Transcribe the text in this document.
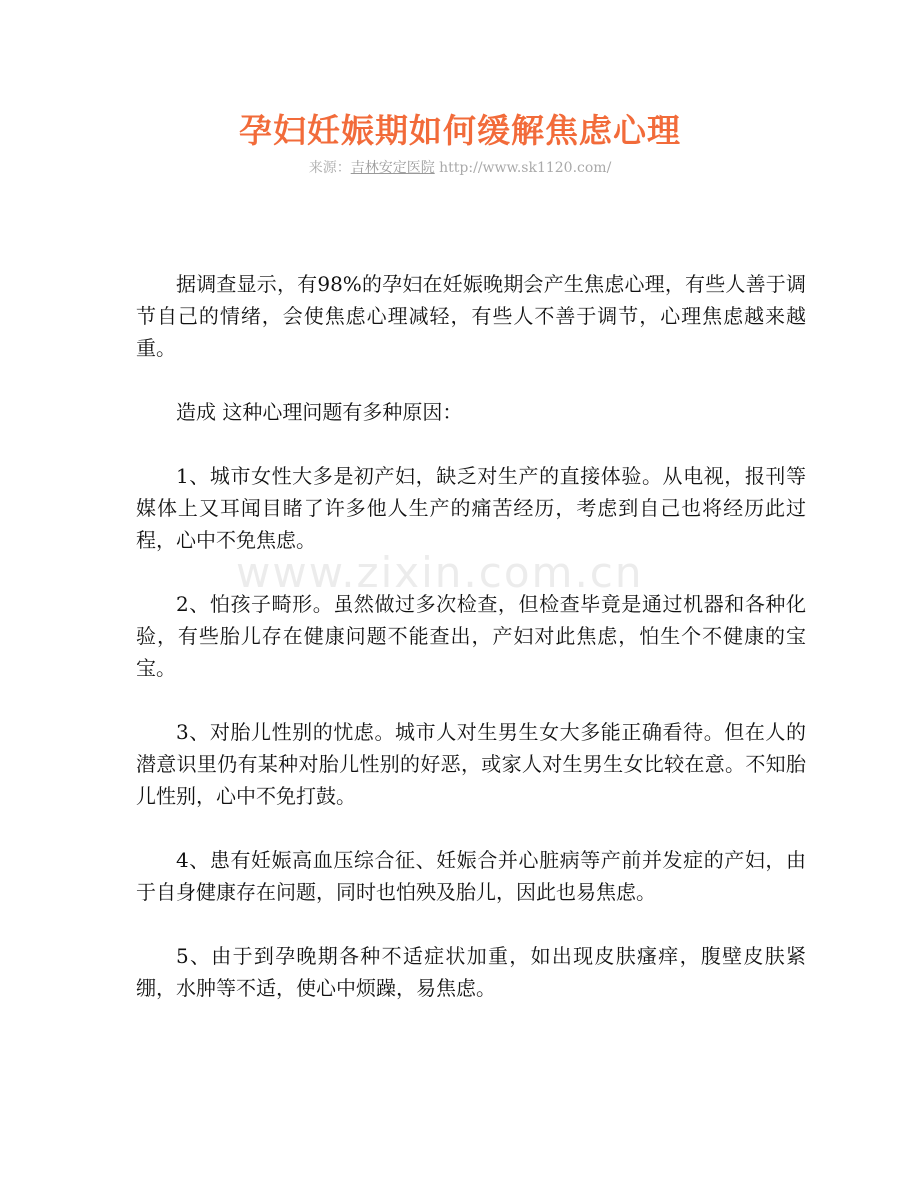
孕妇妊娠期如何缓解焦虑心理
来源：吉林安定医院 http://www.sk1120.com/
www.zixin.com.cn

据调查显示，有98%的孕妇在妊娠晚期会产生焦虑心理，有些人善于调节自己的情绪，会使焦虑心理减轻，有些人不善于调节，心理焦虑越来越重。

造成 这种心理问题有多种原因：

1、城市女性大多是初产妇，缺乏对生产的直接体验。从电视，报刊等媒体上又耳闻目睹了许多他人生产的痛苦经历，考虑到自己也将经历此过程，心中不免焦虑。

2、怕孩子畸形。虽然做过多次检查，但检查毕竟是通过机器和各种化验，有些胎儿存在健康问题不能查出，产妇对此焦虑，怕生个不健康的宝宝。

3、对胎儿性别的忧虑。城市人对生男生女大多能正确看待。但在人的潜意识里仍有某种对胎儿性别的好恶，或家人对生男生女比较在意。不知胎儿性别，心中不免打鼓。

4、患有妊娠高血压综合征、妊娠合并心脏病等产前并发症的产妇，由于自身健康存在问题，同时也怕殃及胎儿，因此也易焦虑。

5、由于到孕晚期各种不适症状加重，如出现皮肤瘙痒，腹壁皮肤紧绷，水肿等不适，使心中烦躁，易焦虑。
